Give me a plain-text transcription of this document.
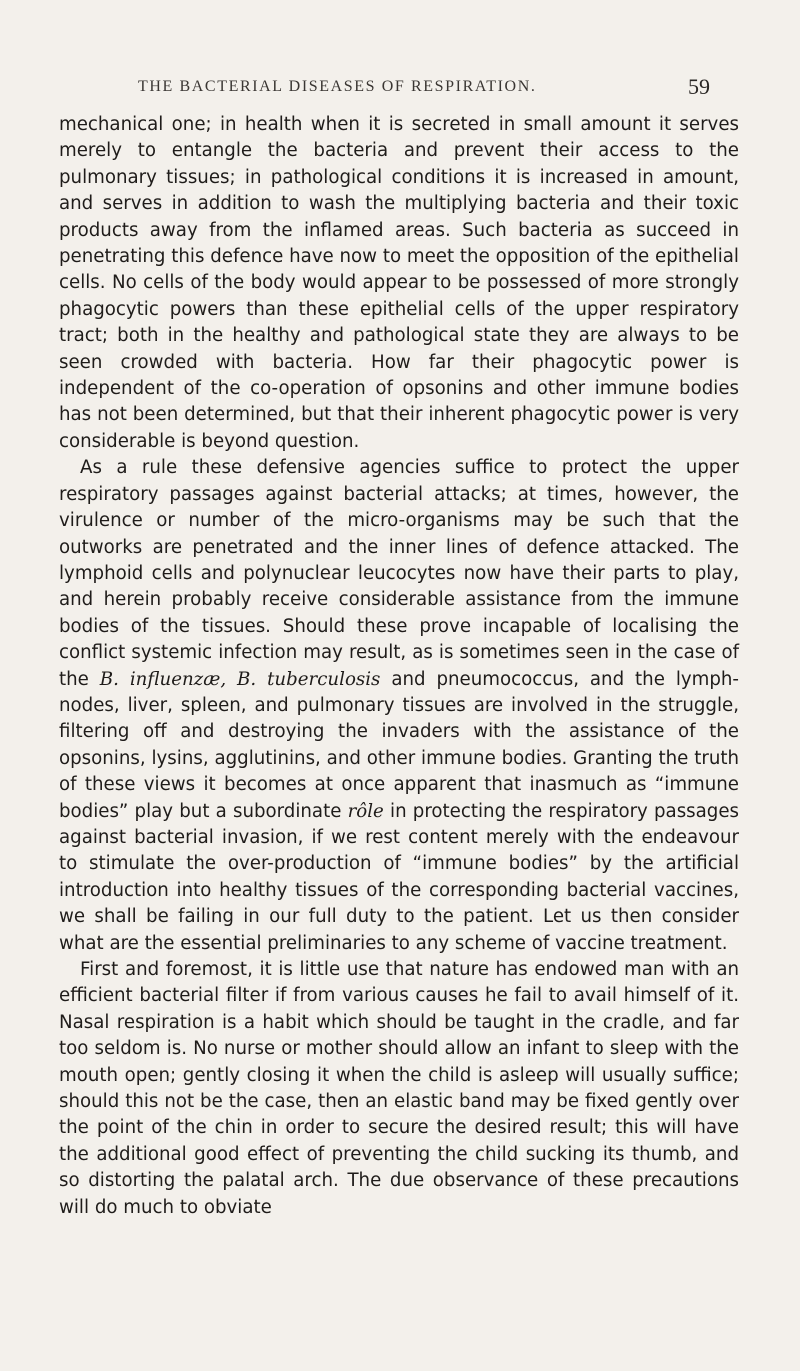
THE BACTERIAL DISEASES OF RESPIRATION.	59

mechanical one; in health when it is secreted in small amount it serves merely to entangle the bacteria and prevent their access to the pulmonary tissues; in pathological conditions it is increased in amount, and serves in addition to wash the multiplying bacteria and their toxic products away from the inflamed areas. Such bacteria as succeed in penetrating this defence have now to meet the opposition of the epithelial cells. No cells of the body would appear to be possessed of more strongly phagocytic powers than these epithelial cells of the upper respiratory tract; both in the healthy and pathological state they are always to be seen crowded with bacteria. How far their phagocytic power is independent of the co-operation of opsonins and other immune bodies has not been determined, but that their inherent phagocytic power is very considerable is beyond question.

As a rule these defensive agencies suffice to protect the upper respiratory passages against bacterial attacks; at times, however, the virulence or number of the micro-organisms may be such that the outworks are penetrated and the inner lines of defence attacked. The lymphoid cells and polynuclear leucocytes now have their parts to play, and herein probably receive considerable assistance from the immune bodies of the tissues. Should these prove incapable of localising the conflict systemic infection may result, as is sometimes seen in the case of the B. influenzæ, B. tuberculosis and pneumococcus, and the lymph-nodes, liver, spleen, and pulmonary tissues are involved in the struggle, filtering off and destroying the invaders with the assistance of the opsonins, lysins, agglutinins, and other immune bodies. Granting the truth of these views it becomes at once apparent that inasmuch as “immune bodies” play but a subordinate rôle in protecting the respiratory passages against bacterial invasion, if we rest content merely with the endeavour to stimulate the over-production of “immune bodies” by the artificial introduction into healthy tissues of the corresponding bacterial vaccines, we shall be failing in our full duty to the patient. Let us then consider what are the essential preliminaries to any scheme of vaccine treatment.

First and foremost, it is little use that nature has endowed man with an efficient bacterial filter if from various causes he fail to avail himself of it. Nasal respiration is a habit which should be taught in the cradle, and far too seldom is. No nurse or mother should allow an infant to sleep with the mouth open; gently closing it when the child is asleep will usually suffice; should this not be the case, then an elastic band may be fixed gently over the point of the chin in order to secure the desired result; this will have the additional good effect of preventing the child sucking its thumb, and so distorting the palatal arch. The due observance of these precautions will do much to obviate
